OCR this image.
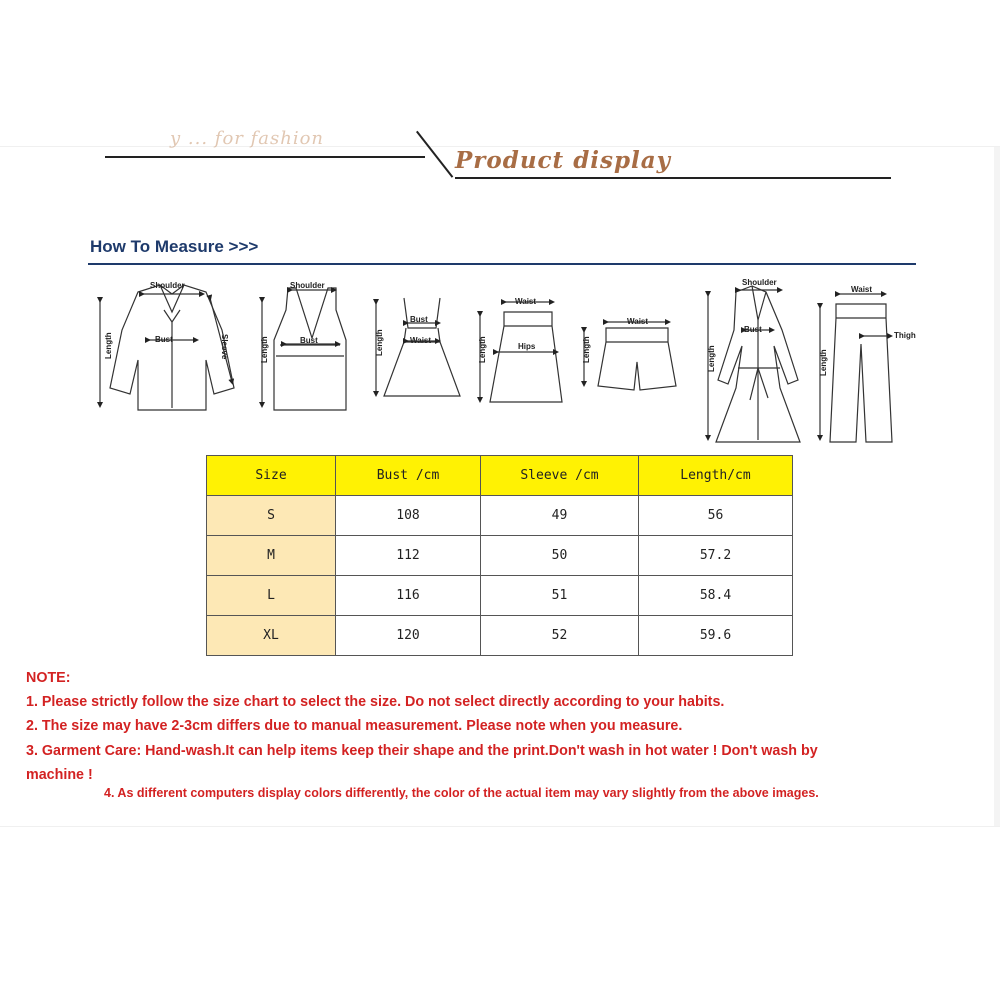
y ... for fashion
Product display
How To Measure >>>
Shoulder
Bust
Length	Sleeve
Shoulder
Bust
Length
Bust
Waist
Length
Waist
Hips
Length
Waist
Length
Shoulder
Bust
Length
Waist
Thigh
Length
Size	Bust /cm	Sleeve /cm	Length/cm
S	108	49	56
M	112	50	57.2
L	116	51	58.4
XL	120	52	59.6
NOTE:
1. Please strictly follow the size chart to select the size. Do not select directly according to your habits.
2. The size may have 2-3cm differs due to manual measurement. Please note when you measure.
3. Garment Care: Hand-wash.It can help items keep their shape and the print.Don't wash in hot water ! Don't wash by
machine !
4. As different computers display colors differently, the color of the actual item may vary slightly from the above images.
